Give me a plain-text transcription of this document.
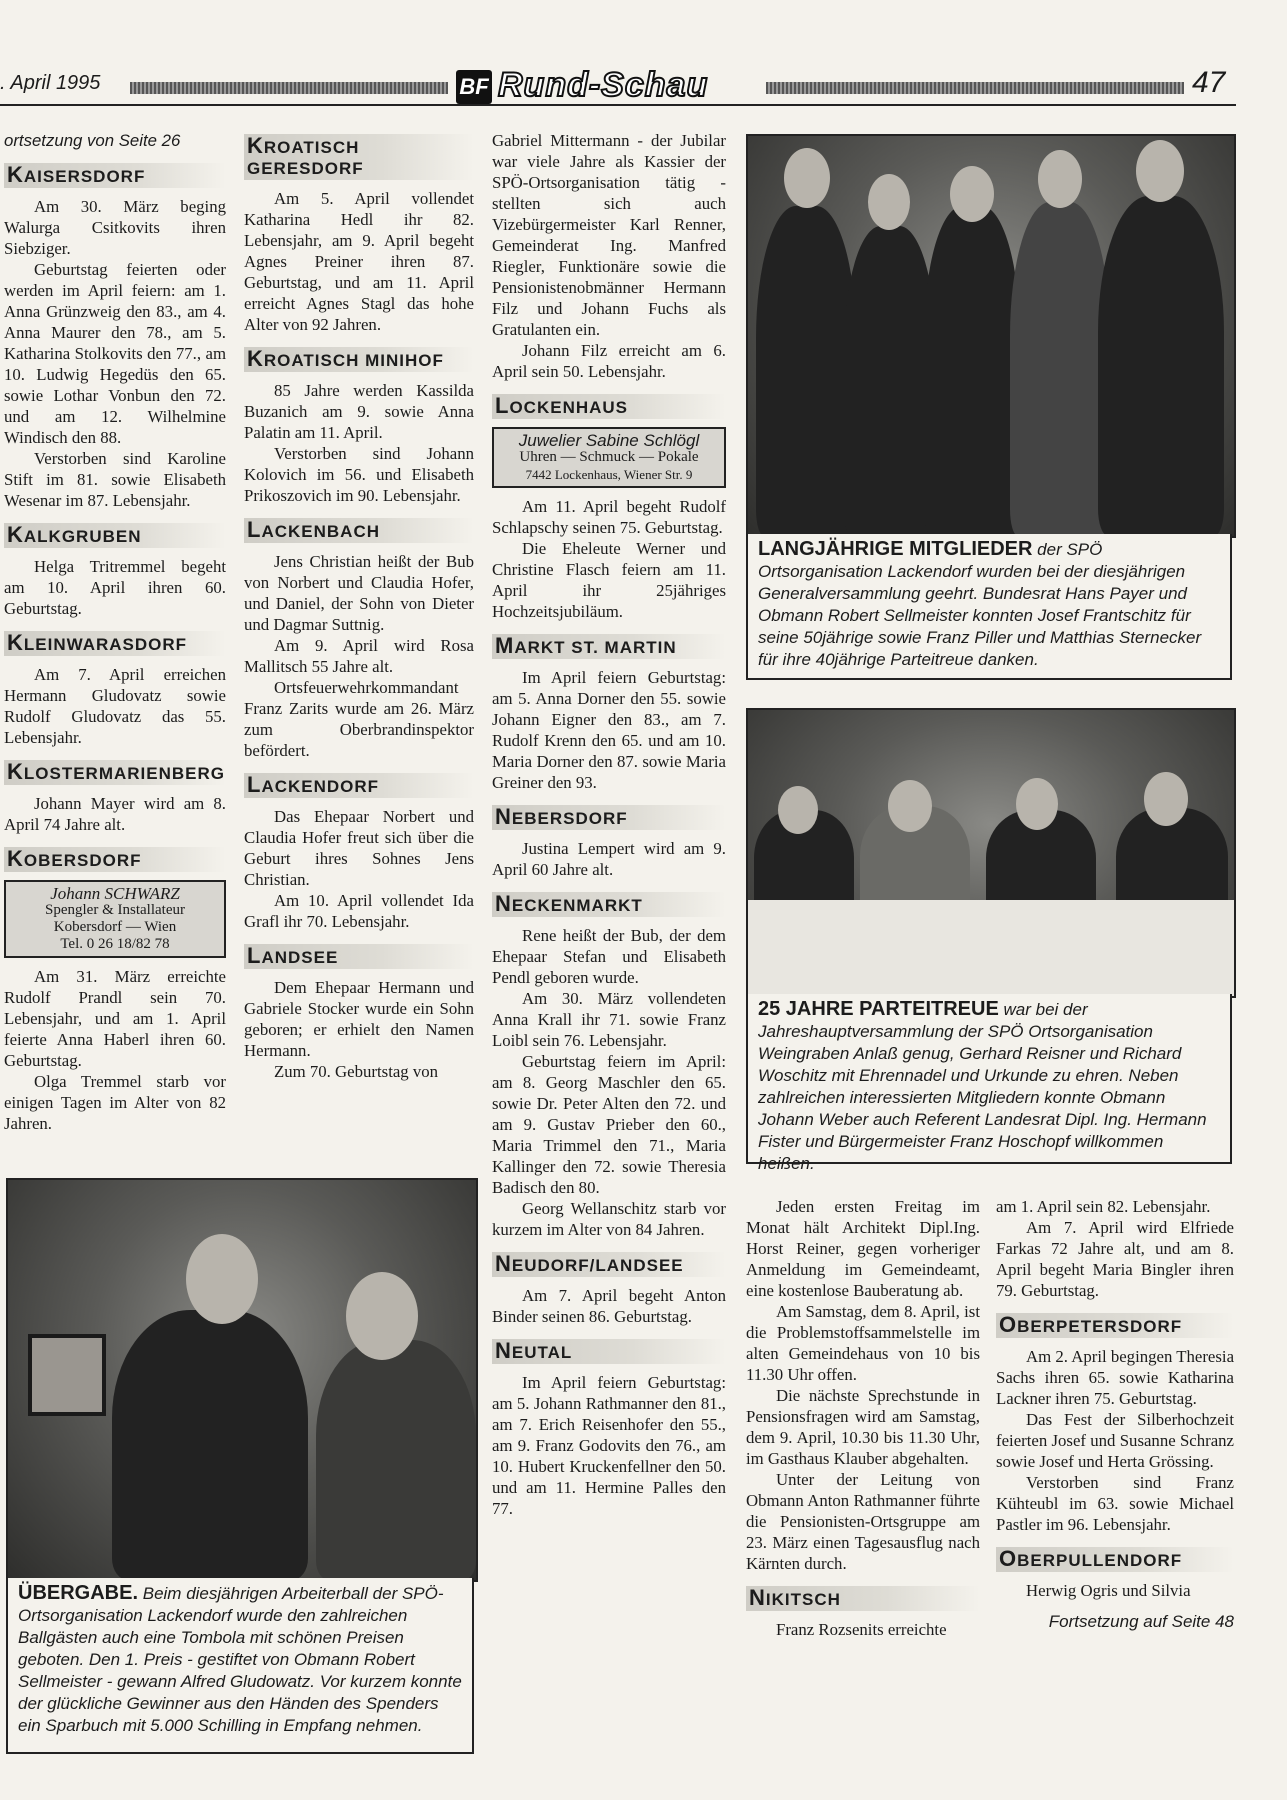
. April 1995	BF Rund-Schau	47

ortsetzung von Seite 26

KAISERSDORF

Am 30. März beging Walurga Csitkovits ihren Siebziger.

Geburtstag feierten oder werden im April feiern: am 1. Anna Grünzweig den 83., am 4. Anna Maurer den 78., am 5. Katharina Stolkovits den 77., am 10. Ludwig Hegedüs den 65. sowie Lothar Vonbun den 72. und am 12. Wilhelmine Windisch den 88.

Verstorben sind Karoline Stift im 81. sowie Elisabeth Wesenar im 87. Lebensjahr.

KALKGRUBEN

Helga Tritremmel begeht am 10. April ihren 60. Geburtstag.

KLEINWARASDORF

Am 7. April erreichen Hermann Gludovatz sowie Rudolf Gludovatz das 55. Lebensjahr.

KLOSTERMARIENBERG

Johann Mayer wird am 8. April 74 Jahre alt.

KOBERSDORF
Johann SCHWARZ
Spengler & Installateur
Kobersdorf — Wien
Tel. 0 26 18/82 78

Am 31. März erreichte Rudolf Prandl sein 70. Lebensjahr, und am 1. April feierte Anna Haberl ihren 60. Geburtstag.

Olga Tremmel starb vor einigen Tagen im Alter von 82 Jahren.

KROATISCH GERESDORF

Am 5. April vollendet Katharina Hedl ihr 82. Lebensjahr, am 9. April begeht Agnes Preiner ihren 87. Geburtstag, und am 11. April erreicht Agnes Stagl das hohe Alter von 92 Jahren.

KROATISCH MINIHOF

85 Jahre werden Kassilda Buzanich am 9. sowie Anna Palatin am 11. April.

Verstorben sind Johann Kolovich im 56. und Elisabeth Prikoszovich im 90. Lebensjahr.

LACKENBACH

Jens Christian heißt der Bub von Norbert und Claudia Hofer, und Daniel, der Sohn von Dieter und Dagmar Suttnig.

Am 9. April wird Rosa Mallitsch 55 Jahre alt.

Ortsfeuerwehrkommandant Franz Zarits wurde am 26. März zum Oberbrandinspektor befördert.

LACKENDORF

Das Ehepaar Norbert und Claudia Hofer freut sich über die Geburt ihres Sohnes Jens Christian.

Am 10. April vollendet Ida Grafl ihr 70. Lebensjahr.

LANDSEE

Dem Ehepaar Hermann und Gabriele Stocker wurde ein Sohn geboren; er erhielt den Namen Hermann.

Zum 70. Geburtstag von

Gabriel Mittermann - der Jubilar war viele Jahre als Kassier der SPÖ-Ortsorganisation tätig - stellten sich auch Vizebürgermeister Karl Renner, Gemeinderat Ing. Manfred Riegler, Funktionäre sowie die Pensionistenobmänner Hermann Filz und Johann Fuchs als Gratulanten ein.

Johann Filz erreicht am 6. April sein 50. Lebensjahr.

LOCKENHAUS
Juwelier Sabine Schlögl
Uhren — Schmuck — Pokale
7442 Lockenhaus, Wiener Str. 9

Am 11. April begeht Rudolf Schlapschy seinen 75. Geburtstag.

Die Eheleute Werner und Christine Flasch feiern am 11. April ihr 25jähriges Hochzeitsjubiläum.

MARKT ST. MARTIN

Im April feiern Geburtstag: am 5. Anna Dorner den 55. sowie Johann Eigner den 83., am 7. Rudolf Krenn den 65. und am 10. Maria Dorner den 87. sowie Maria Greiner den 93.

NEBERSDORF

Justina Lempert wird am 9. April 60 Jahre alt.

NECKENMARKT

Rene heißt der Bub, der dem Ehepaar Stefan und Elisabeth Pendl geboren wurde.

Am 30. März vollendeten Anna Krall ihr 71. sowie Franz Loibl sein 76. Lebensjahr.

Geburtstag feiern im April: am 8. Georg Maschler den 65. sowie Dr. Peter Alten den 72. und am 9. Gustav Prieber den 60., Maria Trimmel den 71., Maria Kallinger den 72. sowie Theresia Badisch den 80.

Georg Wellanschitz starb vor kurzem im Alter von 84 Jahren.

NEUDORF/LANDSEE

Am 7. April begeht Anton Binder seinen 86. Geburtstag.

NEUTAL

Im April feiern Geburtstag: am 5. Johann Rathmanner den 81., am 7. Erich Reisenhofer den 55., am 9. Franz Godovits den 76., am 10. Hubert Kruckenfellner den 50. und am 11. Hermine Palles den 77.

LANGJÄHRIGE MITGLIEDER der SPÖ Ortsorganisation Lackendorf wurden bei der diesjährigen Generalversammlung geehrt. Bundesrat Hans Payer und Obmann Robert Sellmeister konnten Josef Frantschitz für seine 50jährige sowie Franz Piller und Matthias Sternecker für ihre 40jährige Parteitreue danken.
25 JAHRE PARTEITREUE war bei der Jahreshauptversammlung der SPÖ Ortsorganisation Weingraben Anlaß genug, Gerhard Reisner und Richard Woschitz mit Ehrennadel und Urkunde zu ehren. Neben zahlreichen interessierten Mitgliedern konnte Obmann Johann Weber auch Referent Landesrat Dipl. Ing. Hermann Fister und Bürgermeister Franz Hoschopf willkommen heißen.

Jeden ersten Freitag im Monat hält Architekt Dipl.Ing. Horst Reiner, gegen vorheriger Anmeldung im Gemeindeamt, eine kostenlose Bauberatung ab.

Am Samstag, dem 8. April, ist die Problemstoffsammelstelle im alten Gemeindehaus von 10 bis 11.30 Uhr offen.

Die nächste Sprechstunde in Pensionsfragen wird am Samstag, dem 9. April, 10.30 bis 11.30 Uhr, im Gasthaus Klauber abgehalten.

Unter der Leitung von Obmann Anton Rathmanner führte die Pensionisten-Ortsgruppe am 23. März einen Tagesausflug nach Kärnten durch.

NIKITSCH

Franz Rozsenits erreichte

am 1. April sein 82. Lebensjahr.

Am 7. April wird Elfriede Farkas 72 Jahre alt, und am 8. April begeht Maria Bingler ihren 79. Geburtstag.

OBERPETERSDORF

Am 2. April begingen Theresia Sachs ihren 65. sowie Katharina Lackner ihren 75. Geburtstag.

Das Fest der Silberhochzeit feierten Josef und Susanne Schranz sowie Josef und Herta Grössing.

Verstorben sind Franz Kühteubl im 63. sowie Michael Pastler im 96. Lebensjahr.

OBERPULLENDORF

Herwig Ogris und Silvia

Fortsetzung auf Seite 48

ÜBERGABE. Beim diesjährigen Arbeiterball der SPÖ-Ortsorganisation Lackendorf wurde den zahlreichen Ballgästen auch eine Tombola mit schönen Preisen geboten. Den 1. Preis - gestiftet von Obmann Robert Sellmeister - gewann Alfred Gludowatz. Vor kurzem konnte der glückliche Gewinner aus den Händen des Spenders ein Sparbuch mit 5.000 Schilling in Empfang nehmen.
